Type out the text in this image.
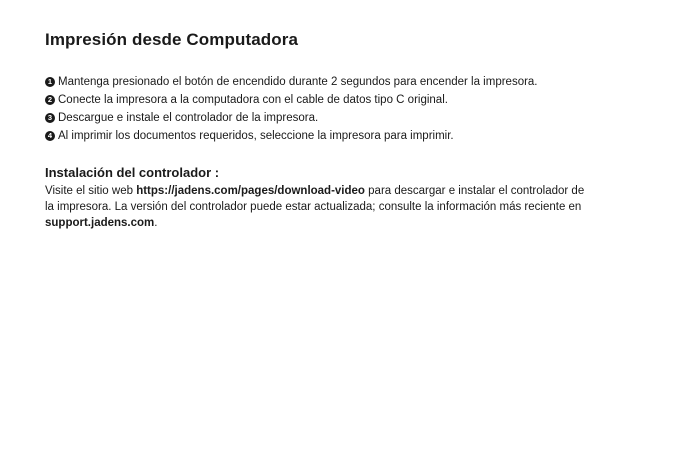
Impresión desde Computadora
1 Mantenga presionado el botón de encendido durante 2 segundos para encender la impresora.
2 Conecte la impresora a la computadora con el cable de datos tipo C original.
3 Descargue e instale el controlador de la impresora.
4 Al imprimir los documentos requeridos, seleccione la impresora para imprimir.
Instalación del controlador :

Visite el sitio web https://jadens.com/pages/download-video para descargar e instalar el controlador de la impresora. La versión del controlador puede estar actualizada; consulte la información más reciente en support.jadens.com.
